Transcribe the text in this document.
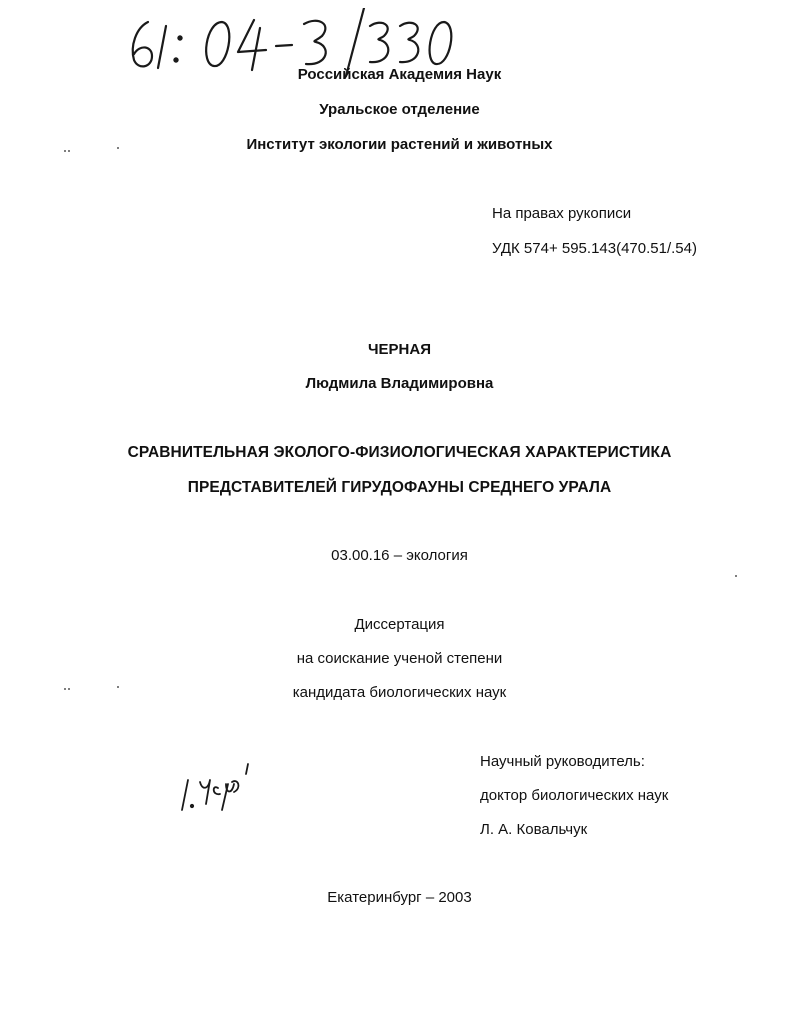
Российская Академия Наук
Уральское отделение
Институт экологии растений и животных
На правах рукописи
УДК 574+ 595.143(470.51/.54)
ЧЕРНАЯ
Людмила Владимировна
СРАВНИТЕЛЬНАЯ ЭКОЛОГО-ФИЗИОЛОГИЧЕСКАЯ ХАРАКТЕРИСТИКА
ПРЕДСТАВИТЕЛЕЙ ГИРУДОФАУНЫ СРЕДНЕГО УРАЛА
03.00.16 – экология
Диссертация
на соискание ученой степени
кандидата биологических наук
Научный руководитель:
доктор биологических наук
Л. А. Ковальчук
Екатеринбург – 2003
